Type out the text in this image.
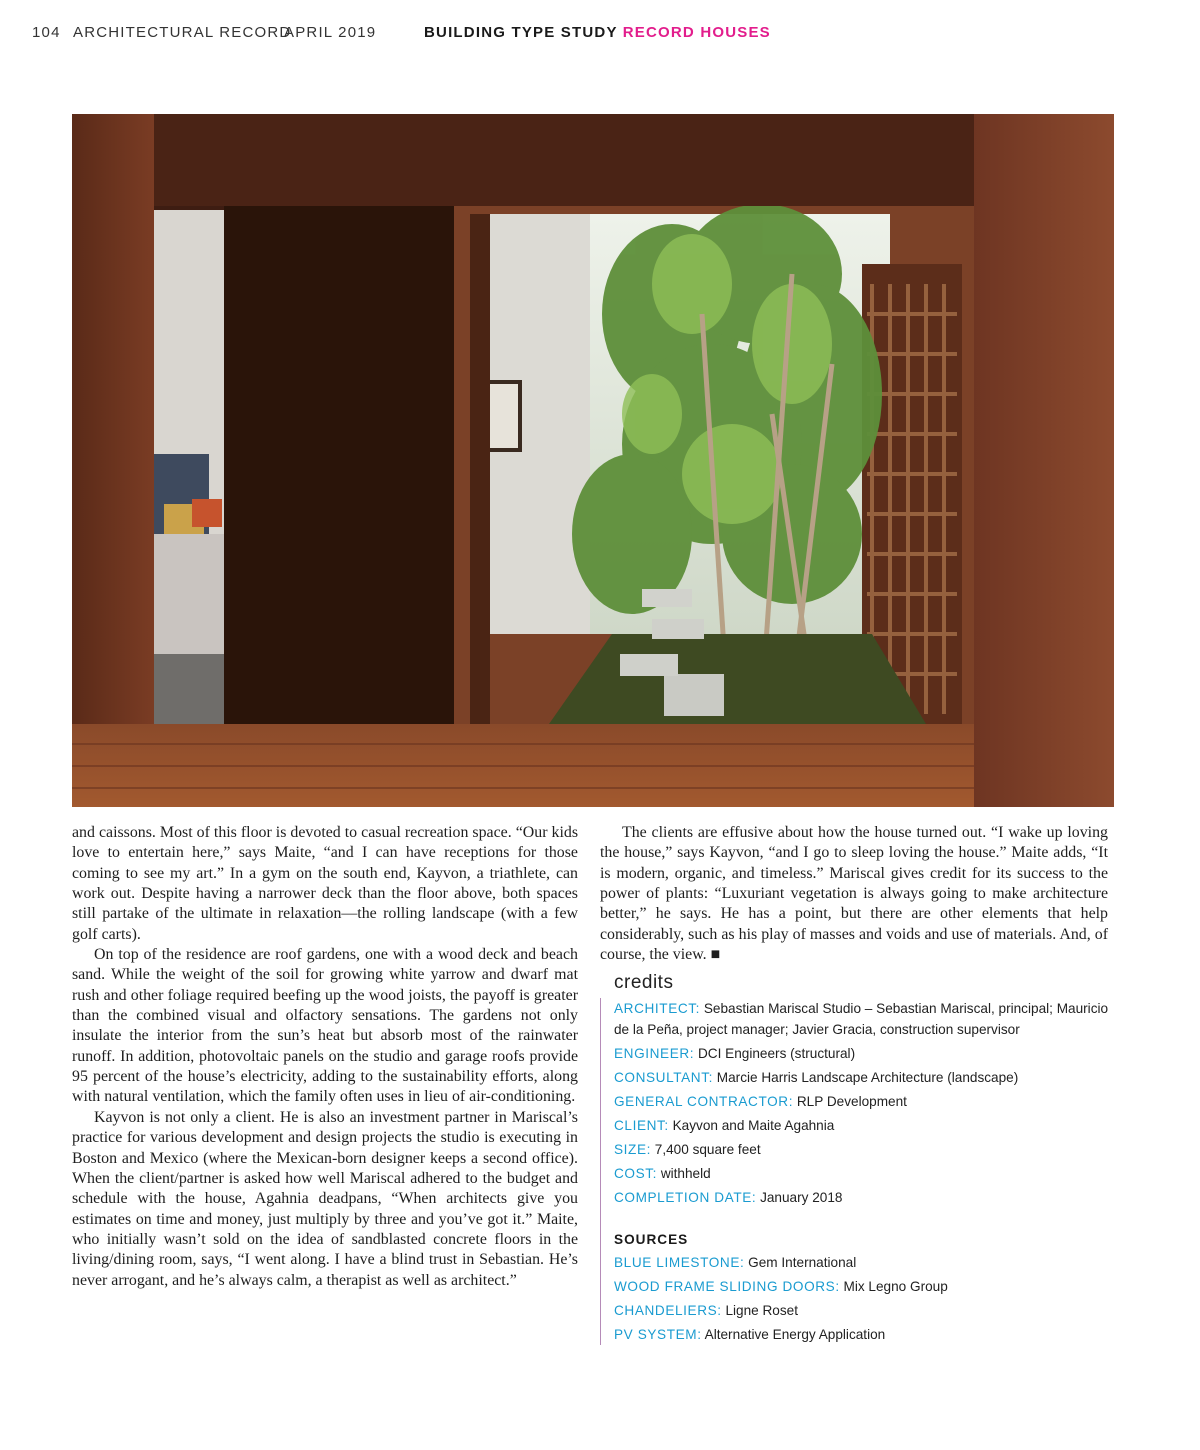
104 ARCHITECTURAL RECORD
APRIL 2019	BUILDING TYPE STUDY RECORD HOUSES

and caissons. Most of this floor is devoted to casual recreation space. “Our kids love to entertain here,” says Maite, “and I can have receptions for those coming to see my art.” In a gym on the south end, Kayvon, a triathlete, can work out. Despite having a narrower deck than the floor above, both spaces still partake of the ultimate in relaxation—the rolling landscape (with a few golf carts).

On top of the residence are roof gardens, one with a wood deck and beach sand. While the weight of the soil for growing white yarrow and dwarf mat rush and other foliage required beefing up the wood joists, the payoff is greater than the combined visual and olfactory sensations. The gardens not only insulate the interior from the sun’s heat but absorb most of the rainwater runoff. In addition, photovoltaic panels on the studio and garage roofs provide 95 percent of the house’s electricity, adding to the sustainability efforts, along with natural ventilation, which the family often uses in lieu of air-conditioning.

Kayvon is not only a client. He is also an investment partner in Mariscal’s practice for various development and design projects the studio is executing in Boston and Mexico (where the Mexican-born designer keeps a second office). When the client/partner is asked how well Mariscal adhered to the budget and schedule with the house, Agahnia deadpans, “When architects give you estimates on time and money, just multiply by three and you’ve got it.” Maite, who initially wasn’t sold on the idea of sandblasted concrete floors in the living/dining room, says, “I went along. I have a blind trust in Sebastian. He’s never arrogant, and he’s always calm, a therapist as well as architect.”

The clients are effusive about how the house turned out. “I wake up loving the house,” says Kayvon, “and I go to sleep loving the house.” Maite adds, “It is modern, organic, and timeless.” Mariscal gives credit for its success to the power of plants: “Luxuriant vegetation is always going to make architecture better,” he says. He has a point, but there are other elements that help considerably, such as his play of masses and voids and use of materials. And, of course, the view. ■

credits
ARCHITECT: Sebastian Mariscal Studio – Sebastian Mariscal, principal; Mauricio de la Peña, project manager; Javier Gracia, construction supervisor
ENGINEER: DCI Engineers (structural)
CONSULTANT: Marcie Harris Landscape Architecture (landscape)
GENERAL CONTRACTOR: RLP Development
CLIENT: Kayvon and Maite Agahnia
SIZE: 7,400 square feet
COST: withheld
COMPLETION DATE: January 2018
SOURCES
BLUE LIMESTONE: Gem International
WOOD FRAME SLIDING DOORS: Mix Legno Group
CHANDELIERS: Ligne Roset
PV SYSTEM: Alternative Energy Application
